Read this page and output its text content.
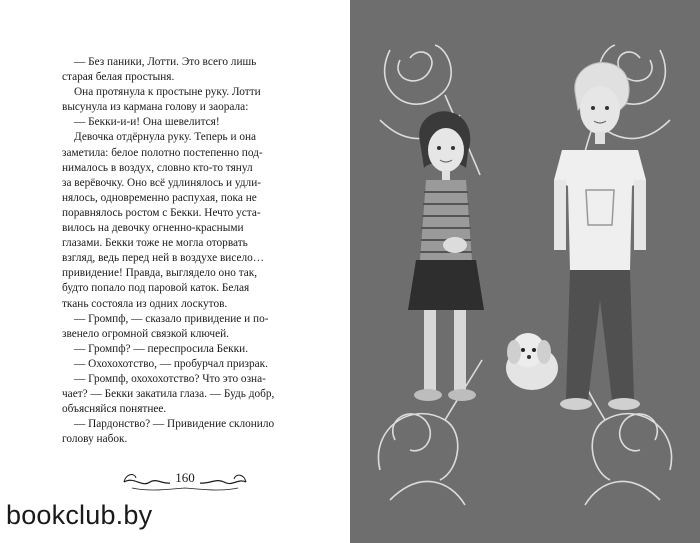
— Без паники, Лотти. Это всего лишь
старая белая простыня.

Она протянула к простыне руку. Лотти
высунула из кармана голову и заорала:

— Бекки-и-и! Она шевелится!

Девочка отдёрнула руку. Теперь и она
заметила: белое полотно постепенно под-
нималось в воздух, словно кто-то тянул
за верёвочку. Оно всё удлинялось и удли-
нялось, одновременно распухая, пока не
поравнялось ростом с Бекки. Нечто уста-
вилось на девочку огненно-красными
глазами. Бекки тоже не могла оторвать
взгляд, ведь перед ней в воздухе висело…
привидение! Правда, выглядело оно так,
будто попало под паровой каток. Белая
ткань состояла из одних лоскутов.

— Громпф, — сказало привидение и по-
звенело огромной связкой ключей.

— Громпф? — переспросила Бекки.

— Охохохотство, — пробурчал призрак.

— Громпф, охохохотство? Что это озна-
чает? — Бекки закатила глаза. — Будь добр,
объясняйся понятнее.

— Пардонство? — Привидение склонило
голову набок.

160
bookclub.by
